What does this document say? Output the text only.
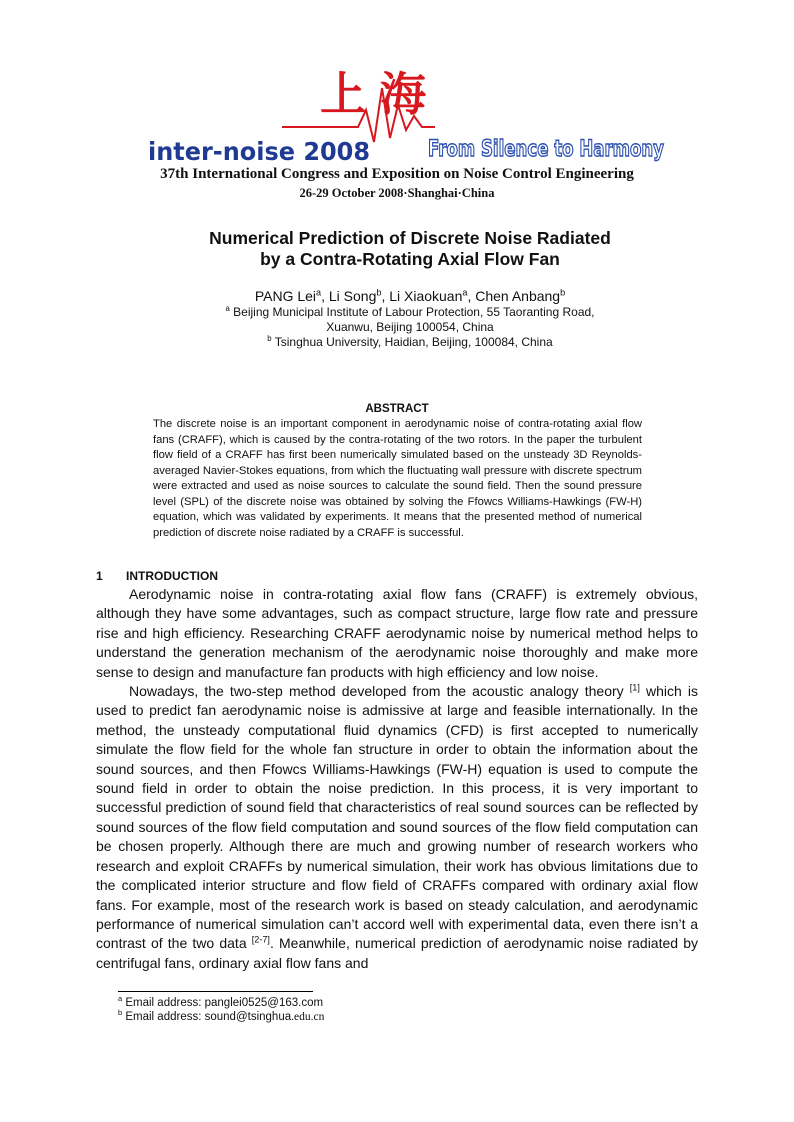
上海
From Silence to Harmony
inter-noise 2008
37th International Congress and Exposition on Noise Control Engineering
26-29 October 2008·Shanghai·China
Numerical Prediction of Discrete Noise Radiated
by a Contra-Rotating Axial Flow Fan
PANG Lei$^a$, Li Song$^b$, Li Xiaokuan$^a$, Chen Anbang$^b$
$^a$ Beijing Municipal Institute of Labour Protection, 55 Taoranting Road,
Xuanwu, Beijing 100054, China
$^b$ Tsinghua University, Haidian, Beijing, 100084, China
ABSTRACT
The discrete noise is an important component in aerodynamic noise of contra-rotating axial flow fans (CRAFF), which is caused by the contra-rotating of the two rotors. In the paper the turbulent flow field of a CRAFF has first been numerically simulated based on the unsteady 3D Reynolds-averaged Navier-Stokes equations, from which the fluctuating wall pressure with discrete spectrum were extracted and used as noise sources to calculate the sound field. Then the sound pressure level (SPL) of the discrete noise was obtained by solving the Ffowcs Williams-Hawkings (FW-H) equation, which was validated by experiments. It means that the presented method of numerical prediction of discrete noise radiated by a CRAFF is successful.
1 INTRODUCTION

Aerodynamic noise in contra-rotating axial flow fans (CRAFF) is extremely obvious, although they have some advantages, such as compact structure, large flow rate and pressure rise and high efficiency. Researching CRAFF aerodynamic noise by numerical method helps to understand the generation mechanism of the aerodynamic noise thoroughly and make more sense to design and manufacture fan products with high efficiency and low noise.

Nowadays, the two-step method developed from the acoustic analogy theory [1] which is used to predict fan aerodynamic noise is admissive at large and feasible internationally. In the method, the unsteady computational fluid dynamics (CFD) is first accepted to numerically simulate the flow field for the whole fan structure in order to obtain the information about the sound sources, and then Ffowcs Williams-Hawkings (FW-H) equation is used to compute the sound field in order to obtain the noise prediction. In this process, it is very important to successful prediction of sound field that characteristics of real sound sources can be reflected by sound sources of the flow field computation and sound sources of the flow field computation can be chosen properly. Although there are much and growing number of research workers who research and exploit CRAFFs by numerical simulation, their work has obvious limitations due to the complicated interior structure and flow field of CRAFFs compared with ordinary axial flow fans. For example, most of the research work is based on steady calculation, and aerodynamic performance of numerical simulation can’t accord well with experimental data, even there isn’t a contrast of the two data [2-7]. Meanwhile, numerical prediction of aerodynamic noise radiated by centrifugal fans, ordinary axial flow fans and

$^a$ Email address: panglei0525@163.com
$^b$ Email address: sound@tsinghua.edu.cn
